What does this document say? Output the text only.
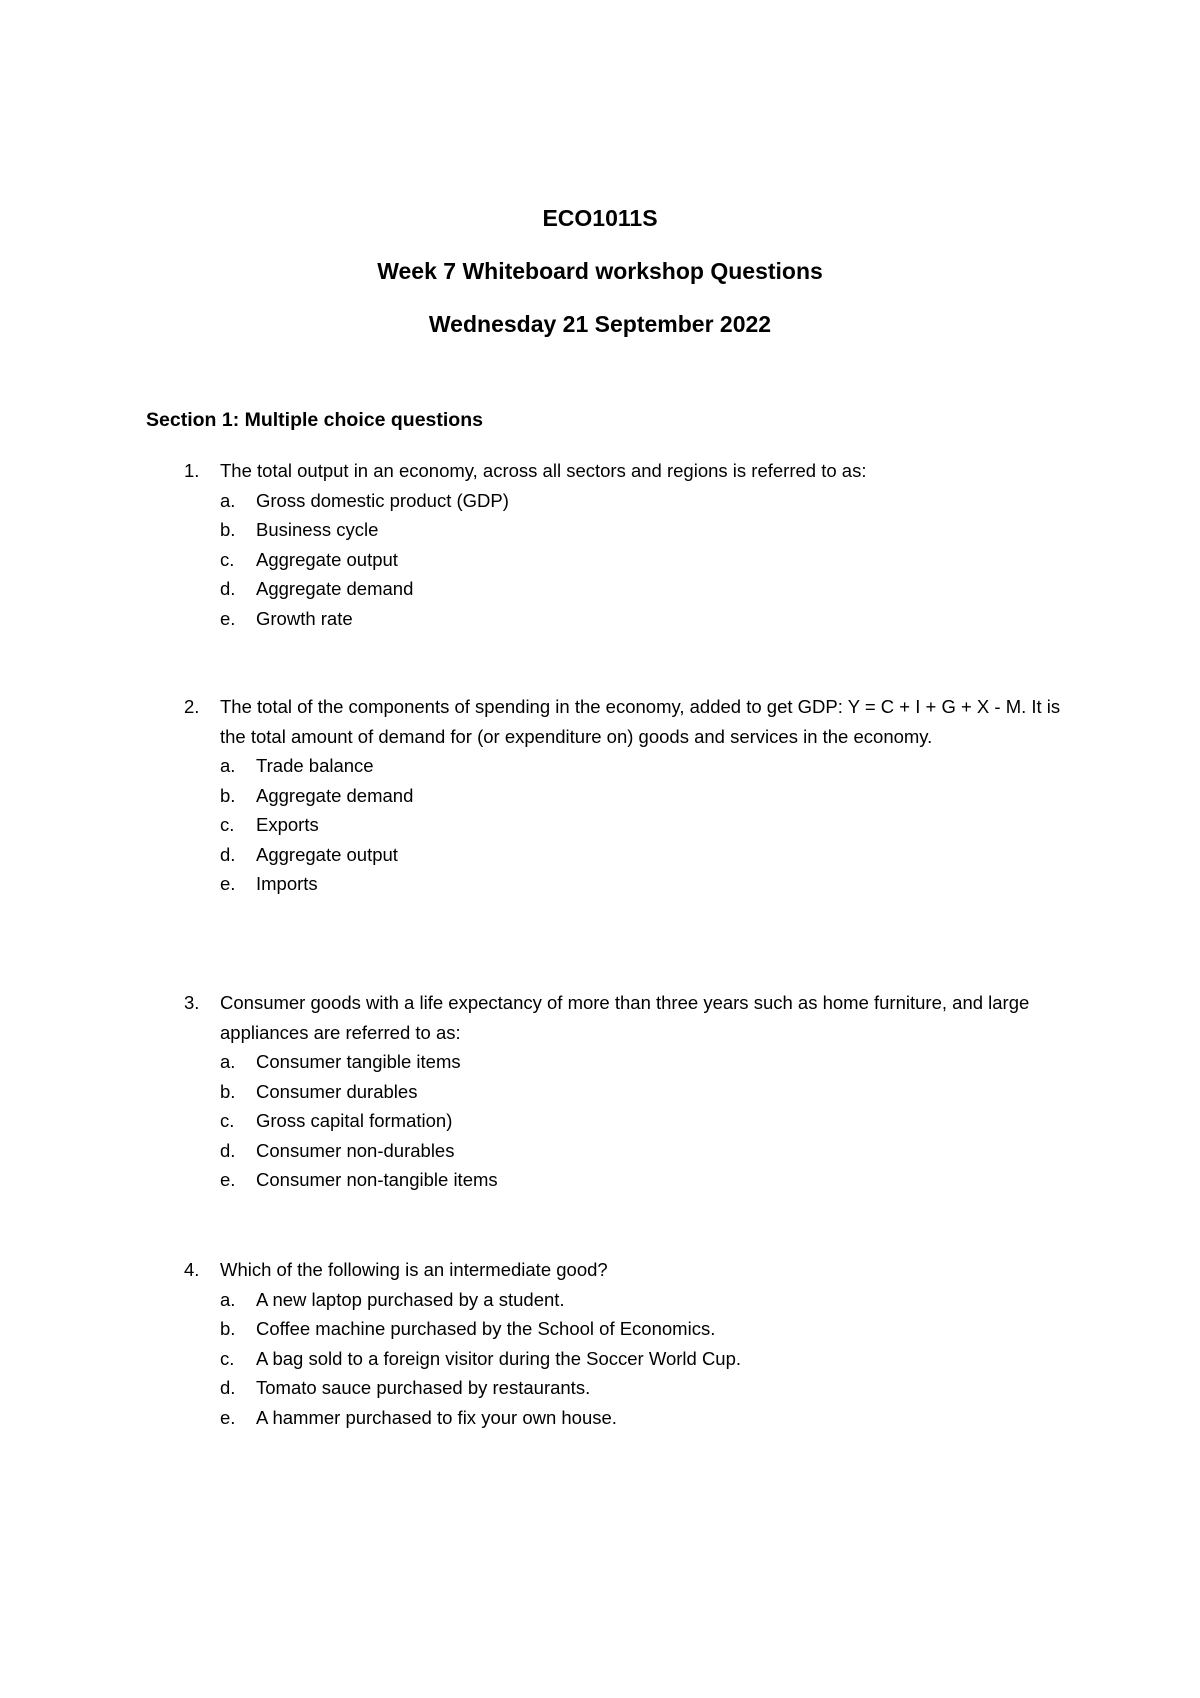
ECO1011S
Week 7 Whiteboard workshop Questions
Wednesday 21 September 2022
Section 1: Multiple choice questions
1. The total output in an economy, across all sectors and regions is referred to as:
a. Gross domestic product (GDP)
b. Business cycle
c. Aggregate output
d. Aggregate demand
e. Growth rate
2. The total of the components of spending in the economy, added to get GDP: Y = C + I + G + X - M. It is the total amount of demand for (or expenditure on) goods and services in the economy.
a. Trade balance
b. Aggregate demand
c. Exports
d. Aggregate output
e. Imports
3. Consumer goods with a life expectancy of more than three years such as home furniture, and large appliances are referred to as:
a. Consumer tangible items
b. Consumer durables
c. Gross capital formation)
d. Consumer non-durables
e. Consumer non-tangible items
4. Which of the following is an intermediate good?
a. A new laptop purchased by a student.
b. Coffee machine purchased by the School of Economics.
c. A bag sold to a foreign visitor during the Soccer World Cup.
d. Tomato sauce purchased by restaurants.
e. A hammer purchased to fix your own house.
